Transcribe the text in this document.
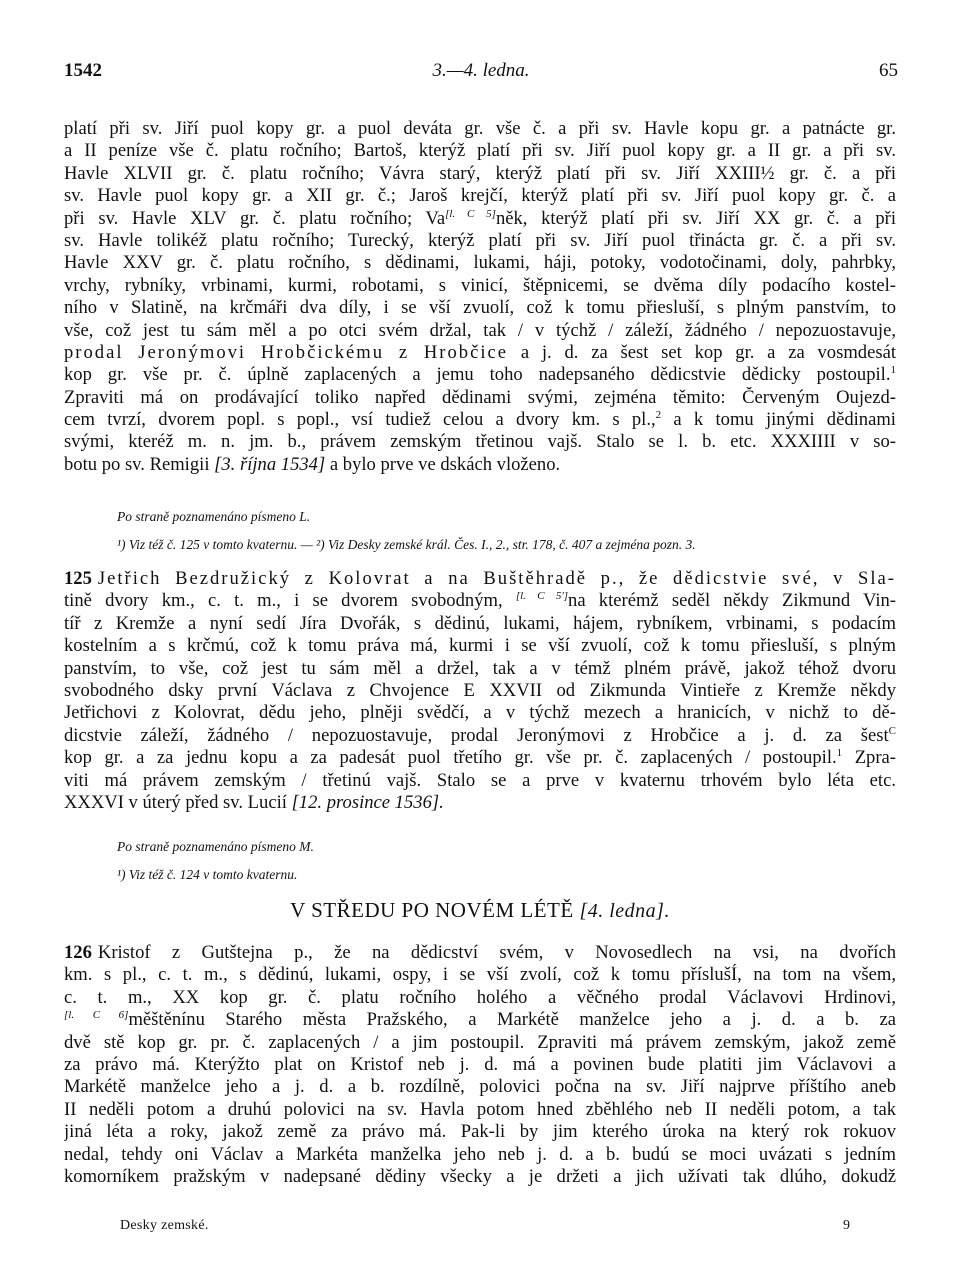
1542	3.—4. ledna.	65
platí při sv. Jiří puol kopy gr. a puol deváta gr. vše č. a při sv. Havle kopu gr. a patnácte gr.
a II peníze vše č. platu ročního; Bartoš, kterýž platí při sv. Jiří puol kopy gr. a II gr. a při sv.
Havle XLVII gr. č. platu ročního; Vávra starý, kterýž platí při sv. Jiří XXIII½ gr. č. a při
sv. Havle puol kopy gr. a XII gr. č.; Jaroš krejčí, kterýž platí při sv. Jiří puol kopy gr. č. a
při sv. Havle XLV gr. č. platu ročního; Va[l. C 5]něk, kterýž platí při sv. Jiří XX gr. č. a při
sv. Havle tolikéž platu ročního; Turecký, kterýž platí při sv. Jiří puol třinácta gr. č. a při sv.
Havle XXV gr. č. platu ročního, s dědinami, lukami, háji, potoky, vodotočinami, doly, pahrbky,
vrchy, rybníky, vrbinami, kurmi, robotami, s vinicí, štěpnicemi, se dvěma díly podacího kostel-
ního v Slatině, na krčmáři dva díly, i se vší zvuolí, což k tomu přiesluší, s plným panstvím, to
vše, což jest tu sám měl a po otci svém držal, tak / v týchž / záleží, žádného / nepozuostavuje,
prodal Jeronýmovi Hrobčickému z Hrobčice a j. d. za šest set kop gr. a za vosmdesát
kop gr. vše pr. č. úplně zaplacených a jemu toho nadepsaného dědicstvie dědicky postoupil.$^1$
Zpraviti má on prodávající toliko napřed dědinami svými, zejména těmito: Červeným Oujezd-
cem tvrzí, dvorem popl. s popl., vsí tudiež celou a dvory km. s pl.,$^2$ a k tomu jinými dědinami
svými, kteréž m. n. jm. b., právem zemským třetinou vajš. Stalo se l. b. etc. XXXIIII v so-
botu po sv. Remigii [3. října 1534] a bylo prve ve dskách vloženo.
Po straně poznamenáno písmeno L.
¹) Viz též č. 125 v tomto kvaternu. — ²) Viz Desky zemské král. Čes. I., 2., str. 178, č. 407 a zejména pozn. 3.
125 Jetřich Bezdružický z Kolovrat a na Buštěhradě p., že dědicstvie své, v Sla-
tině dvory km., c. t. m., i se dvorem svobodným, [l. C 5']na kterémž seděl někdy Zikmund Vin-
tíř z Kremže a nyní sedí Jíra Dvořák, s dědinú, lukami, hájem, rybníkem, vrbinami, s podacím
kostelním a s krčmú, což k tomu práva má, kurmi i se vší zvuolí, což k tomu přiesluší, s plným
panstvím, to vše, což jest tu sám měl a držel, tak a v témž plném právě, jakož téhož dvoru
svobodného dsky první Václava z Chvojence E XXVII od Zikmunda Vintieře z Kremže někdy
Jetřichovi z Kolovrat, dědu jeho, plněji svědčí, a v týchž mezech a hranicích, v nichž to dě-
dicstvie záleží, žádného / nepozuostavuje, prodal Jeronýmovi z Hrobčice a j. d. za šest$^C$
kop gr. a za jednu kopu a za padesát puol třetího gr. vše pr. č. zaplacených / postoupil.$^1$ Zpra-
viti má právem zemským / třetinú vajš. Stalo se a prve v kvaternu trhovém bylo léta etc.
XXXVI v úterý před sv. Lucií [12. prosince 1536].
Po straně poznamenáno písmeno M.
¹) Viz též č. 124 v tomto kvaternu.
V STŘEDU PO NOVÉM LÉTĚ [4. ledna].
126 Kristof z Gutštejna p., že na dědicství svém, v Novosedlech na vsi, na dvořích
km. s pl., c. t. m., s dědinú, lukami, ospy, i se vší zvolí, což k tomu příslušÍ, na tom na všem,
c. t. m., XX kop gr. č. platu ročního holého a věčného prodal Václavovi Hrdinovi,
[l. C 6]měštěnínu Starého města Pražského, a Markétě manželce jeho a j. d. a b. za
dvě stě kop gr. pr. č. zaplacených / a jim postoupil. Zpraviti má právem zemským, jakož země
za právo má. Kterýžto plat on Kristof neb j. d. má a povinen bude platiti jim Václavovi a
Markétě manželce jeho a j. d. a b. rozdílně, polovici počna na sv. Jiří najprve příštího aneb
II neděli potom a druhú polovici na sv. Havla potom hned zběhlého neb II neděli potom, a tak
jiná léta a roky, jakož země za právo má. Pak-li by jim kterého úroka na který rok rokuov
nedal, tehdy oni Václav a Markéta manželka jeho neb j. d. a b. budú se moci uvázati s jedním
komorníkem pražským v nadepsané dědiny všecky a je držeti a jich užívati tak dlúho, dokudž
Desky zemské.	9
